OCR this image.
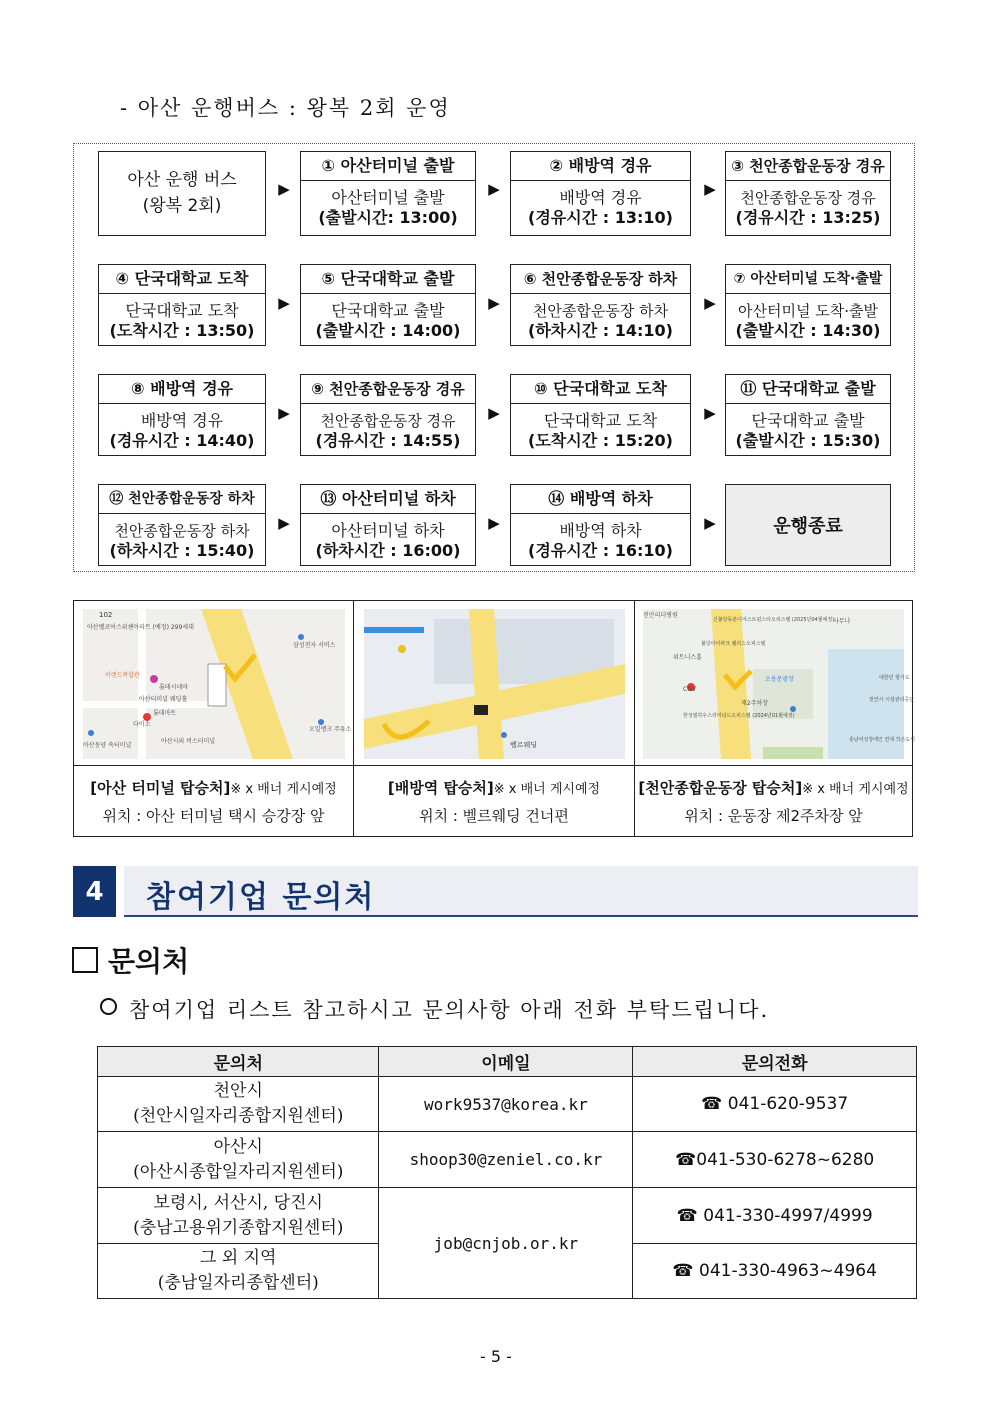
- 아산 운행버스 : 왕복 2회 운영
아산 운행 버스
(왕복 2회)
▶
① 아산터미널 출발
아산터미널 출발
(출발시간: 13:00)
▶
② 배방역 경유
배방역 경유
(경유시간 : 13:10)
▶
③ 천안종합운동장 경유
천안종합운동장 경유
(경유시간 : 13:25)
④ 단국대학교 도착
단국대학교 도착
(도착시간 : 13:50)
▶
⑤ 단국대학교 출발
단국대학교 출발
(출발시간 : 14:00)
▶
⑥ 천안종합운동장 하차
천안종합운동장 하차
(하차시간 : 14:10)
▶
⑦ 아산터미널 도착·출발
아산터미널 도착·출발
(출발시간 : 14:30)
⑧ 배방역 경유
배방역 경유
(경유시간 : 14:40)
▶
⑨ 천안종합운동장 경유
천안종합운동장 경유
(경유시간 : 14:55)
▶
⑩ 단국대학교 도착
단국대학교 도착
(도착시간 : 15:20)
▶
⑪ 단국대학교 출발
단국대학교 출발
(출발시간 : 15:30)
⑫ 천안종합운동장 하차
천안종합운동장 하차
(하차시간 : 15:40)
▶
⑬ 아산터미널 하차
아산터미널 하차
(하차시간 : 16:00)
▶
⑭ 배방역 하차
배방역 하차
(경유시간 : 16:10)
▶	운행종료
102
아산벨코어스위첸아파트 (예정) 299세대
삼성전자 서비스
이랜드복합관
롯데시네마
아산터미널 웨딩홀
다이소
롯데마트
아산시외 버스터미널
오일뱅크 주유소
아산동양 속터미널
[아산 터미널 탑승처]※ x 배너 게시예정
위치 : 아산 터미널 택시 승강장 앞
벨르웨딩
[배방역 탑승처]※ x 배너 게시예정
위치 : 벨르웨딩 건너편
천안리더병원
신불당동분디어스트윈스타오피스텔 (2025년04월예정)
사무나
불당아이파크 웰리스오피스텔
위트니스홈
CGV
오용문광장
제2주차장
한성필하우스리미티드오피스텔 (2024년01월예정)
대한민 항기도
천안시 시설관리공단
충남여성장애인 연대 작은도서
[천안종합운동장 탑승처]※ x 배너 게시예정
위치 : 운동장 제2주차장 앞
4	참여기업 문의처
문의처
참여기업 리스트 참고하시고 문의사항 아래 전화 부탁드립니다.
문의처	이메일	문의전화

천안시
(천안시일자리종합지원센터)	work9537@korea.kr	☎ 041-620-9537

아산시
(아산시종합일자리지원센터)	shoop30@zeniel.co.kr	☎041-530-6278~6280

보령시, 서산시, 당진시
(충남고용위기종합지원센터)	job@cnjob.or.kr	☎ 041-330-4997/4999

그 외 지역
(충남일자리종합센터)		☎ 041-330-4963~4964
- 5 -
